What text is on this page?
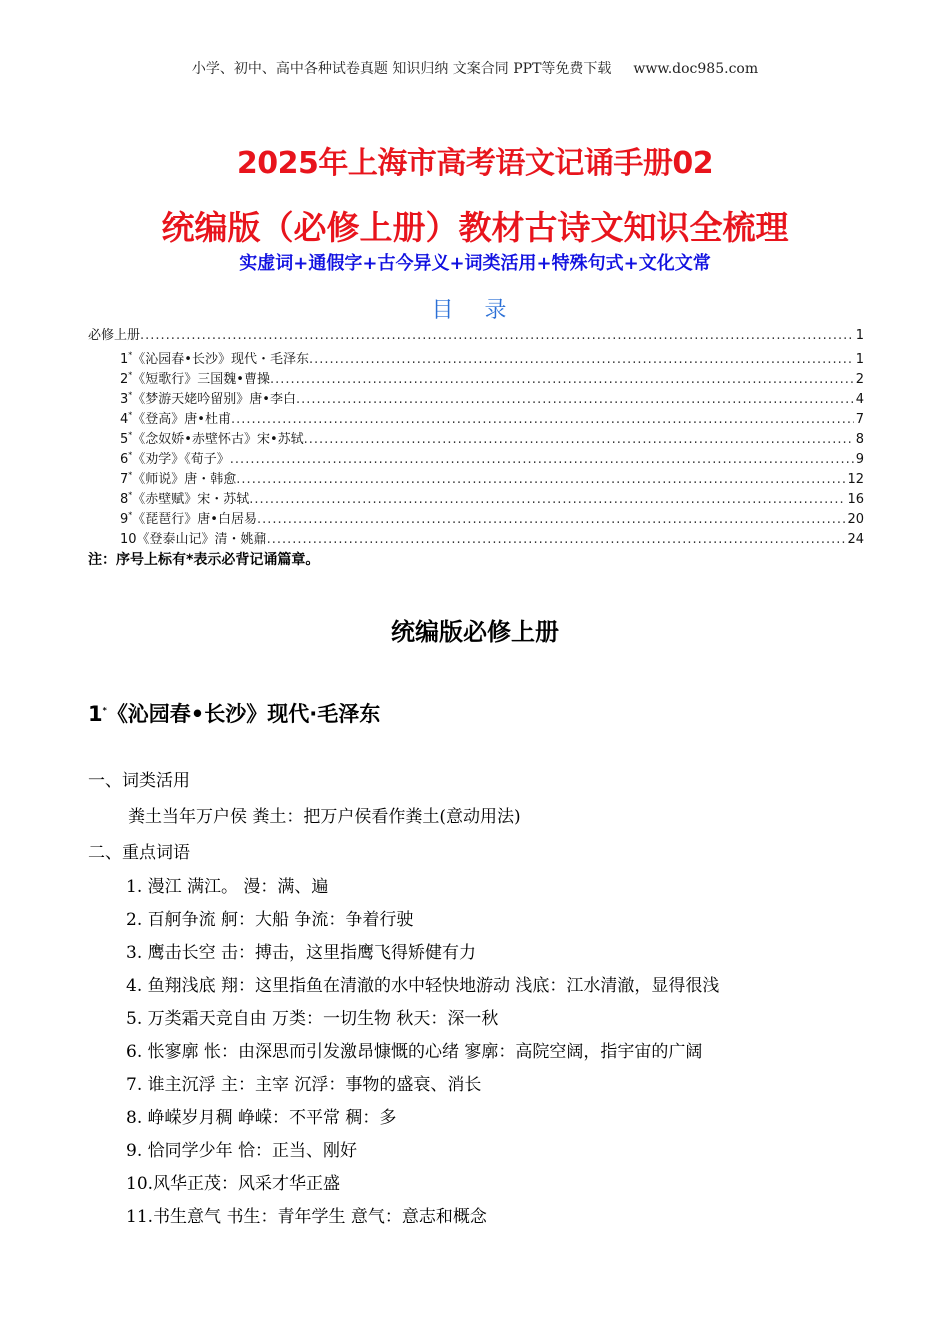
小学、初中、高中各种试卷真题 知识归纳 文案合同 PPT等免费下载 www.doc985.com
2025年上海市高考语文记诵手册02
统编版（必修上册）教材古诗文知识全梳理
实虚词+通假字+古今异义+词类活用+特殊句式+文化文常
目 录
必修上册 .....	1
1*《沁园春•长沙》现代・毛泽东 .....	1
2*《短歌行》三国魏•曹操 .....	2
3*《梦游天姥吟留别》唐•李白 .....	4
4*《登高》唐•杜甫 .....	7
5*《念奴娇•赤壁怀古》宋•苏轼 .....	8
6*《劝学》《荀子》 .....	9
7*《师说》唐・韩愈 .....	12
8*《赤壁赋》宋・苏轼 .....	16
9*《琵琶行》唐•白居易 .....	20
10《登泰山记》清・姚鼐 .....	24
注：序号上标有*表示必背记诵篇章。
统编版必修上册
1*《沁园春•长沙》现代·毛泽东
一、词类活用
粪土当年万户侯 粪土：把万户侯看作粪土(意动用法)
二、重点词语
1. 漫江 满江。 漫：满、遍
2. 百舸争流 舸：大船 争流：争着行驶
3. 鹰击长空 击：搏击，这里指鹰飞得矫健有力
4. 鱼翔浅底 翔：这里指鱼在清澈的水中轻快地游动 浅底：江水清澈，显得很浅
5. 万类霜天竞自由 万类：一切生物 秋天：深一秋
6. 怅寥廓 怅：由深思而引发激昂慷慨的心绪 寥廓：高院空阔，指宇宙的广阔
7. 谁主沉浮 主：主宰 沉浮：事物的盛衰、消长
8. 峥嵘岁月稠 峥嵘：不平常 稠：多
9. 恰同学少年 恰：正当、刚好
10.风华正茂：风采才华正盛
11.书生意气 书生：青年学生 意气：意志和概念
